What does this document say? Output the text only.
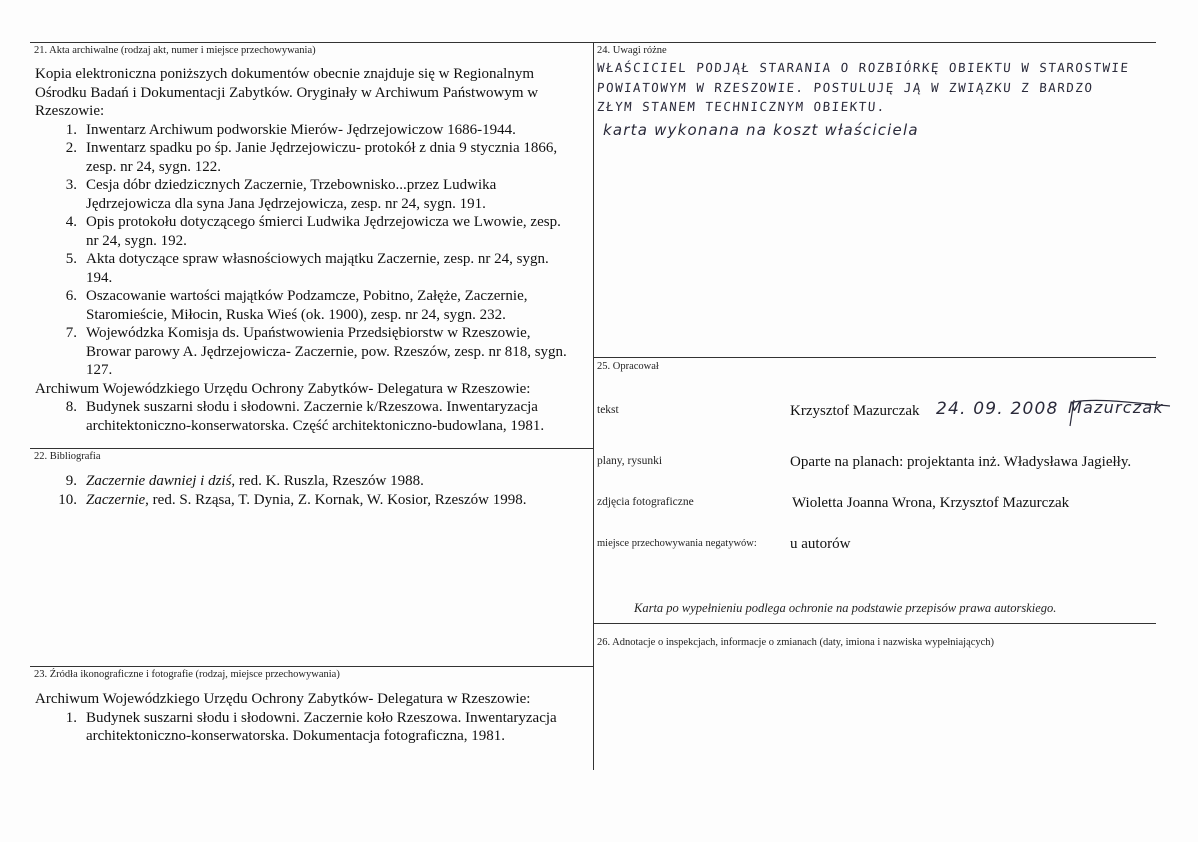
21. Akta archiwalne (rodzaj akt, numer i miejsce przechowywania)
Kopia elektroniczna poniższych dokumentów obecnie znajduje się w Regionalnym Ośrodku Badań i Dokumentacji Zabytków. Oryginały w Archiwum Państwowym w Rzeszowie:
1. Inwentarz Archiwum podworskie Mierów- Jędrzejowiczow 1686-1944.
2. Inwentarz spadku po śp. Janie Jędrzejowiczu- protokół z dnia 9 stycznia 1866, zesp. nr 24, sygn. 122.
3. Cesja dóbr dziedzicznych Zaczernie, Trzebownisko...przez Ludwika Jędrzejowicza dla syna Jana Jędrzejowicza, zesp. nr 24, sygn. 191.
4. Opis protokołu dotyczącego śmierci Ludwika Jędrzejowicza we Lwowie, zesp. nr 24, sygn. 192.
5. Akta dotyczące spraw własnościowych majątku Zaczernie, zesp. nr 24, sygn. 194.
6. Oszacowanie wartości majątków Podzamcze, Pobitno, Załęże, Zaczernie, Staromieście, Miłocin, Ruska Wieś (ok. 1900), zesp. nr 24, sygn. 232.
7. Wojewódzka Komisja ds. Upaństwowienia Przedsiębiorstw w Rzeszowie, Browar parowy A. Jędrzejowicza- Zaczernie, pow. Rzeszów, zesp. nr 818, sygn. 127.
Archiwum Wojewódzkiego Urzędu Ochrony Zabytków- Delegatura w Rzeszowie:
8. Budynek suszarni słodu i słodowni. Zaczernie k/Rzeszowa. Inwentaryzacja architektoniczno-konserwatorska. Część architektoniczno-budowlana, 1981.
22. Bibliografia
9. Zaczernie dawniej i dziś, red. K. Ruszla, Rzeszów 1988.
10. Zaczernie, red. S. Rząsa, T. Dynia, Z. Kornak, W. Kosior, Rzeszów 1998.
23. Źródła ikonograficzne i fotografie (rodzaj, miejsce przechowywania)
Archiwum Wojewódzkiego Urzędu Ochrony Zabytków- Delegatura w Rzeszowie:
1. Budynek suszarni słodu i słodowni. Zaczernie koło Rzeszowa. Inwentaryzacja architektoniczno-konserwatorska. Dokumentacja fotograficzna, 1981.
24. Uwagi różne
WŁAŚCICIEL PODJĄŁ STARANIA O ROZBIÓRKĘ OBIEKTU W STAROSTWIE
POWIATOWYM W RZESZOWIE. POSTULUJĘ JĄ W ZWIĄZKU Z BARDZO
ZŁYM STANEM TECHNICZNYM OBIEKTU.
karta wykonana na koszt właściciela
25. Opracował
tekst	Krzysztof Mazurczak 24. 09. 2008 Mazurczak
plany, rysunki	Oparte na planach: projektanta inż. Władysława Jagiełły.
zdjęcia fotograficzne	Wioletta Joanna Wrona, Krzysztof Mazurczak
miejsce przechowywania negatywów: u autorów
Karta po wypełnieniu podlega ochronie na podstawie przepisów prawa autorskiego.
26. Adnotacje o inspekcjach, informacje o zmianach (daty, imiona i nazwiska wypełniających)
